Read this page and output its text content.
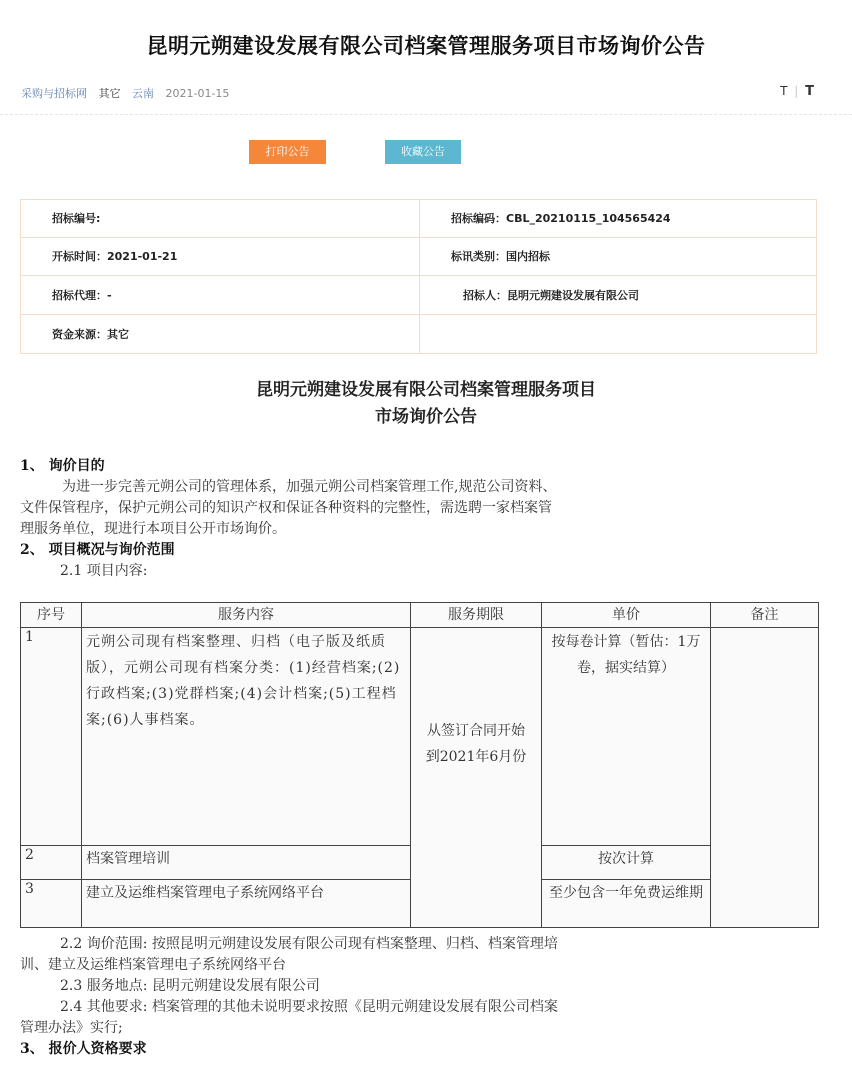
昆明元朔建设发展有限公司档案管理服务项目市场询价公告
采购与招标网 其它 云南 2021-01-15	T | T
打印公告	收藏公告
招标编号:	招标编码：CBL_20210115_104565424
开标时间：2021-01-21	标讯类别：国内招标
招标代理：-	招标人：昆明元朔建设发展有限公司
资金来源：其它
昆明元朔建设发展有限公司档案管理服务项目
市场询价公告
1、 询价目的
为进一步完善元朔公司的管理体系，加强元朔公司档案管理工作,规范公司资料、
文件保管程序，保护元朔公司的知识产权和保证各种资料的完整性，需选聘一家档案管
理服务单位，现进行本项目公开市场询价。
2、 项目概况与询价范围
2.1 项目内容:
序号	服务内容	服务期限	单价	备注
1	元朔公司现有档案整理、归档（电子版及纸质版），元朔公司现有档案分类：(1)经营档案;(2)行政档案;(3)党群档案;(4)会计档案;(5)工程档案;(6)人事档案。	从签订合同开始到2021年6月份	按每卷计算（暂估：1万卷，据实结算）	
2	档案管理培训		按次计算	
3	建立及运维档案管理电子系统网络平台		至少包含一年免费运维期	
2.2 询价范围: 按照昆明元朔建设发展有限公司现有档案整理、归档、档案管理培
训、建立及运维档案管理电子系统网络平台
2.3 服务地点: 昆明元朔建设发展有限公司
2.4 其他要求: 档案管理的其他未说明要求按照《昆明元朔建设发展有限公司档案
管理办法》实行;
3、 报价人资格要求
